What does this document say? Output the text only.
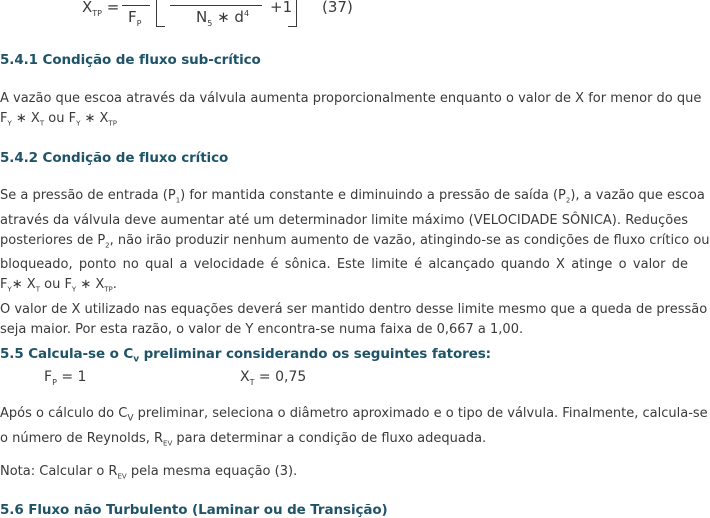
$X_{TP}$ =
$F_P$	$N_5$ ∗ $d^4 +1$ (37)
5.4.1 Condição de fluxo sub-crítico
A vazão que escoa através da válvula aumenta proporcionalmente enquanto o valor de X for menor do que
$F_Y$ ∗ $X_T$ ou $F_Y$ ∗ $X_{TP}$
5.4.2 Condição de fluxo crítico
Se a pressão de entrada $(P_1)$ for mantida constante e diminuindo a pressão de saída $(P_2)$, a vazão que escoa
através da válvula deve aumentar até um determinador limite máximo (VELOCIDADE SÔNICA). Reduções
posteriores de $P_2$, não irão produzir nenhum aumento de vazão, atingindo-se as condições de fluxo crítico ou
bloqueado, ponto no qual a velocidade é sônica. Este limite é alcançado quando X atinge o valor de
$F_Y∗$ $X_T$ ou $F_Y$ ∗ $X_{TP}$.
O valor de X utilizado nas equações deverá ser mantido dentro desse limite mesmo que a queda de pressão
seja maior. Por esta razão, o valor de Y encontra-se numa faixa de 0,667 a 1,00.
5.5 Calcula-se o $C_v$ preliminar considerando os seguintes fatores:
$F_P = 1$	$X_T = 0,75$
Após o cálculo do $C_V$ preliminar, seleciona o diâmetro aproximado e o tipo de válvula. Finalmente, calcula-se
o número de Reynolds, $R_{EV}$ para determinar a condição de fluxo adequada.
Nota: Calcular o $R_{EV}$ pela mesma equação (3).
5.6 Fluxo não Turbulento (Laminar ou de Transição)
